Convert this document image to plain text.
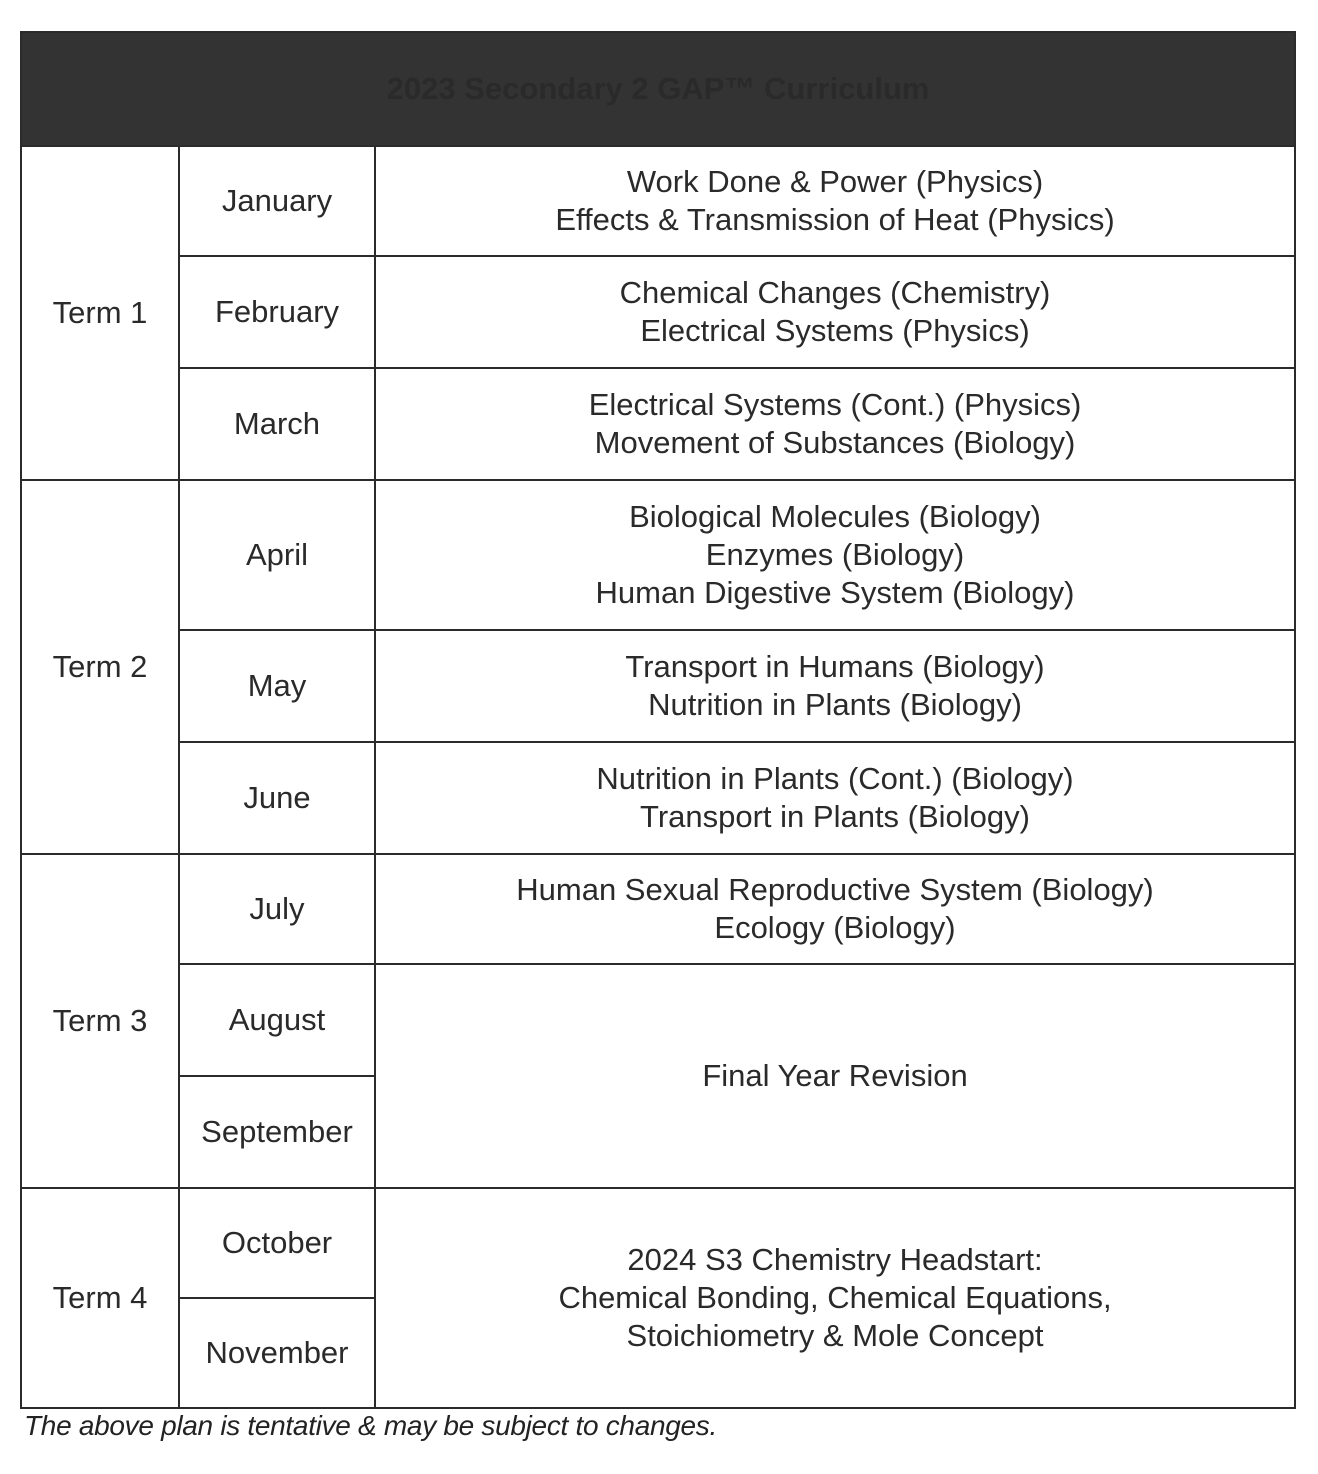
2023 Secondary 2 GAP™ Curriculum		
Term 1	January	Work Done & Power (Physics)
Effects & Transmission of Heat (Physics)

	February	Chemical Changes (Chemistry)
Electrical Systems (Physics)

	March	Electrical Systems (Cont.) (Physics)
Movement of Substances (Biology)

Term 2	April	Biological Molecules (Biology)
Enzymes (Biology)
Human Digestive System (Biology)

	May	Transport in Humans (Biology)
Nutrition in Plants (Biology)

	June	Nutrition in Plants (Cont.) (Biology)
Transport in Plants (Biology)

Term 3	July	Human Sexual Reproductive System (Biology)
Ecology (Biology)

	August	Final Year Revision

	September	
Term 4	October	2024 S3 Chemistry Headstart:
Chemical Bonding, Chemical Equations,
Stoichiometry & Mole Concept

	November	
The above plan is tentative & may be subject to changes.
